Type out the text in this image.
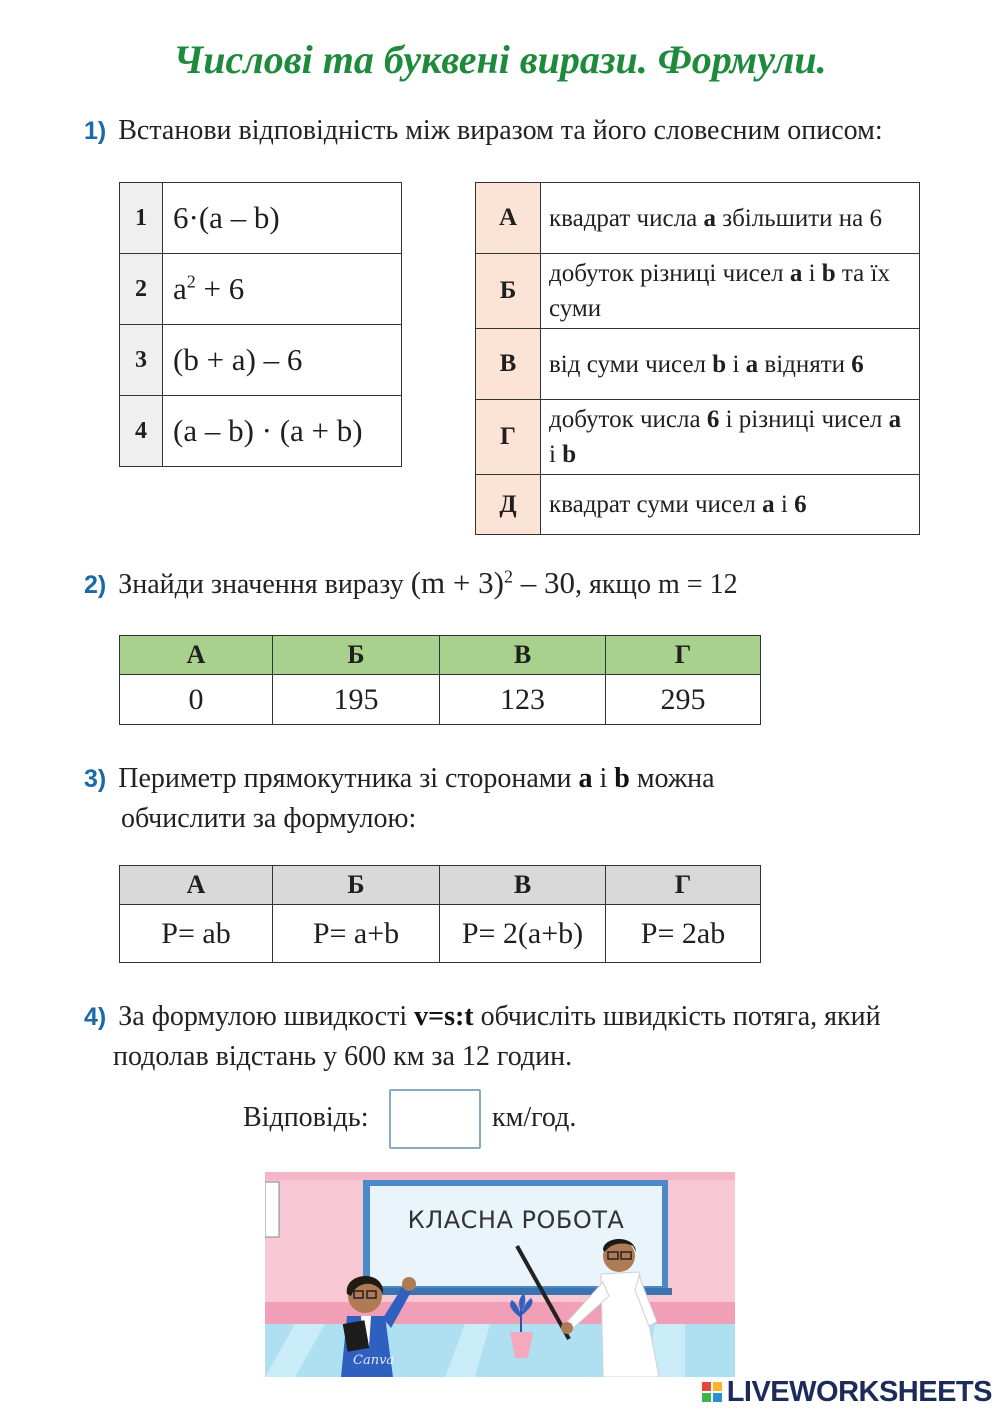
Числові та буквені вирази. Формули.
1) Встанови відповідність між виразом та його словесним описом:
1	6·(a – b)
2	$a^2 + 6$
3	(b + a) – 6
4	(a – b) · (a + b)
А	квадрат числа a збільшити на 6
Б	добуток різниці чисел a і b та їх суми
В	від суми чисел b і a відняти 6
Г	добуток числа 6 і різниці чисел a і b
Д	квадрат суми чисел a і 6
2) Знайди значення виразу $(m + 3)^2 - 30$, якщо m = 12
А	Б	В	Г
0	195	123	295
3) Периметр прямокутника зі сторонами a і b можна
обчислити за формулою:
А	Б	В	Г
P= ab	P= a+b	P= 2(a+b)	P= 2ab
4) За формулою швидкості v=s:t обчисліть швидкість потяга, який
подолав відстань у 600 км за 12 годин.
Відповідь:	км/год.
Canva
КЛАСНА РОБОТА
LIVEWORKSHEETS
